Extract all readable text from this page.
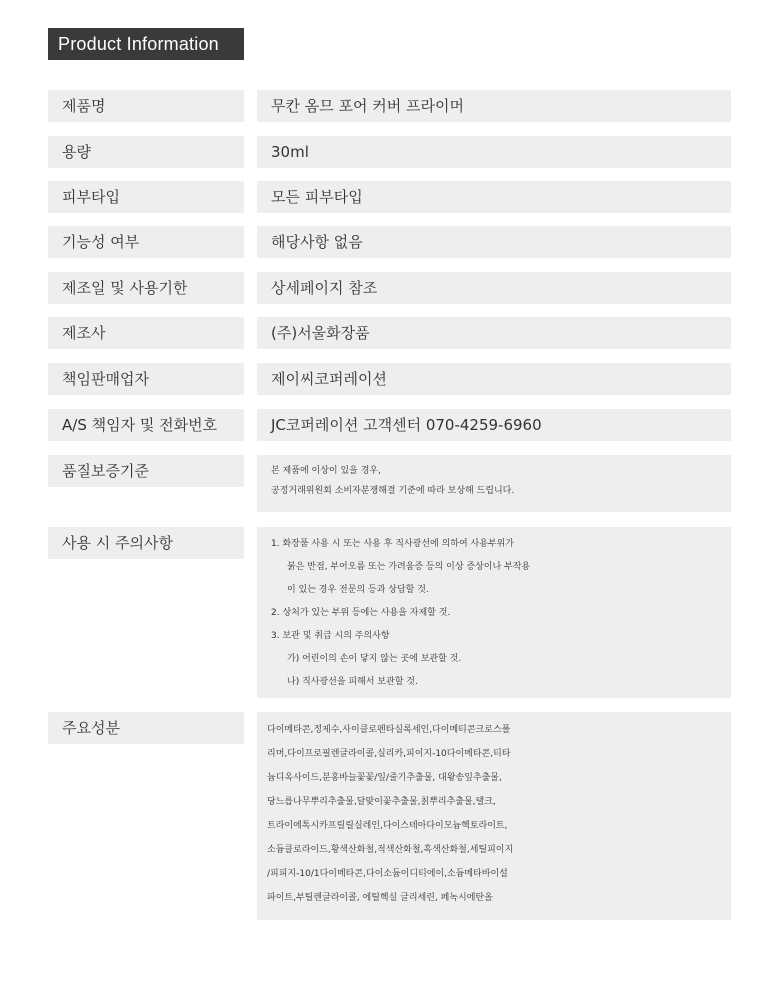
Product Information
제품명	무칸 옴므 포어 커버 프라이머
용량	30ml
피부타입	모든 피부타입
기능성 여부	해당사항 없음
제조일 및 사용기한	상세페이지 참조
제조사	(주)서울화장품
책임판매업자	제이씨코퍼레이션
A/S 책임자 및 전화번호	JC코퍼레이션 고객센터 070-4259-6960
품질보증기준	본 제품에 이상이 있을 경우,
공정거래위원회 소비자분쟁해결 기준에 따라 보상해 드립니다.
사용 시 주의사항	1. 화장품 사용 시 또는 사용 후 직사광선에 의하여 사용부위가
붉은 반점, 부어오름 또는 가려움증 등의 이상 증상이나 부작용
이 있는 경우 전문의 등과 상담할 것.
2. 상처가 있는 부위 등에는 사용을 자제할 것.
3. 보관 및 취급 시의 주의사항
가) 어린이의 손이 닿지 않는 곳에 보관할 것.
나) 직사광선을 피해서 보관할 것.
주요성분	다이메타콘,정제수,사이클로펜타실록세인,다이메티콘크로스폴
리머,다이프로필렌글라이콜,실리카,피이지-10다이메타콘,티타
늄디옥사이드,분홍바늘꽃꽃/잎/줄기추출물, 대왕송잎추출물,
당느릅나무뿌리추출물,달맞이꽃추출물,칡뿌리추출물,탤크,
트라이에톡시카프릴릴실레인,다이스테아다이모늄헥토라이트,
소듐클로라이드,황색산화철,적색산화철,흑색산화철,세틸피이지
/피피지-10/1다이메타콘,다이소듐이디티에이,소듐메타바이설
파이트,부틸렌글라이콜, 에틸헥실 글리세린, 페녹시에탄올
